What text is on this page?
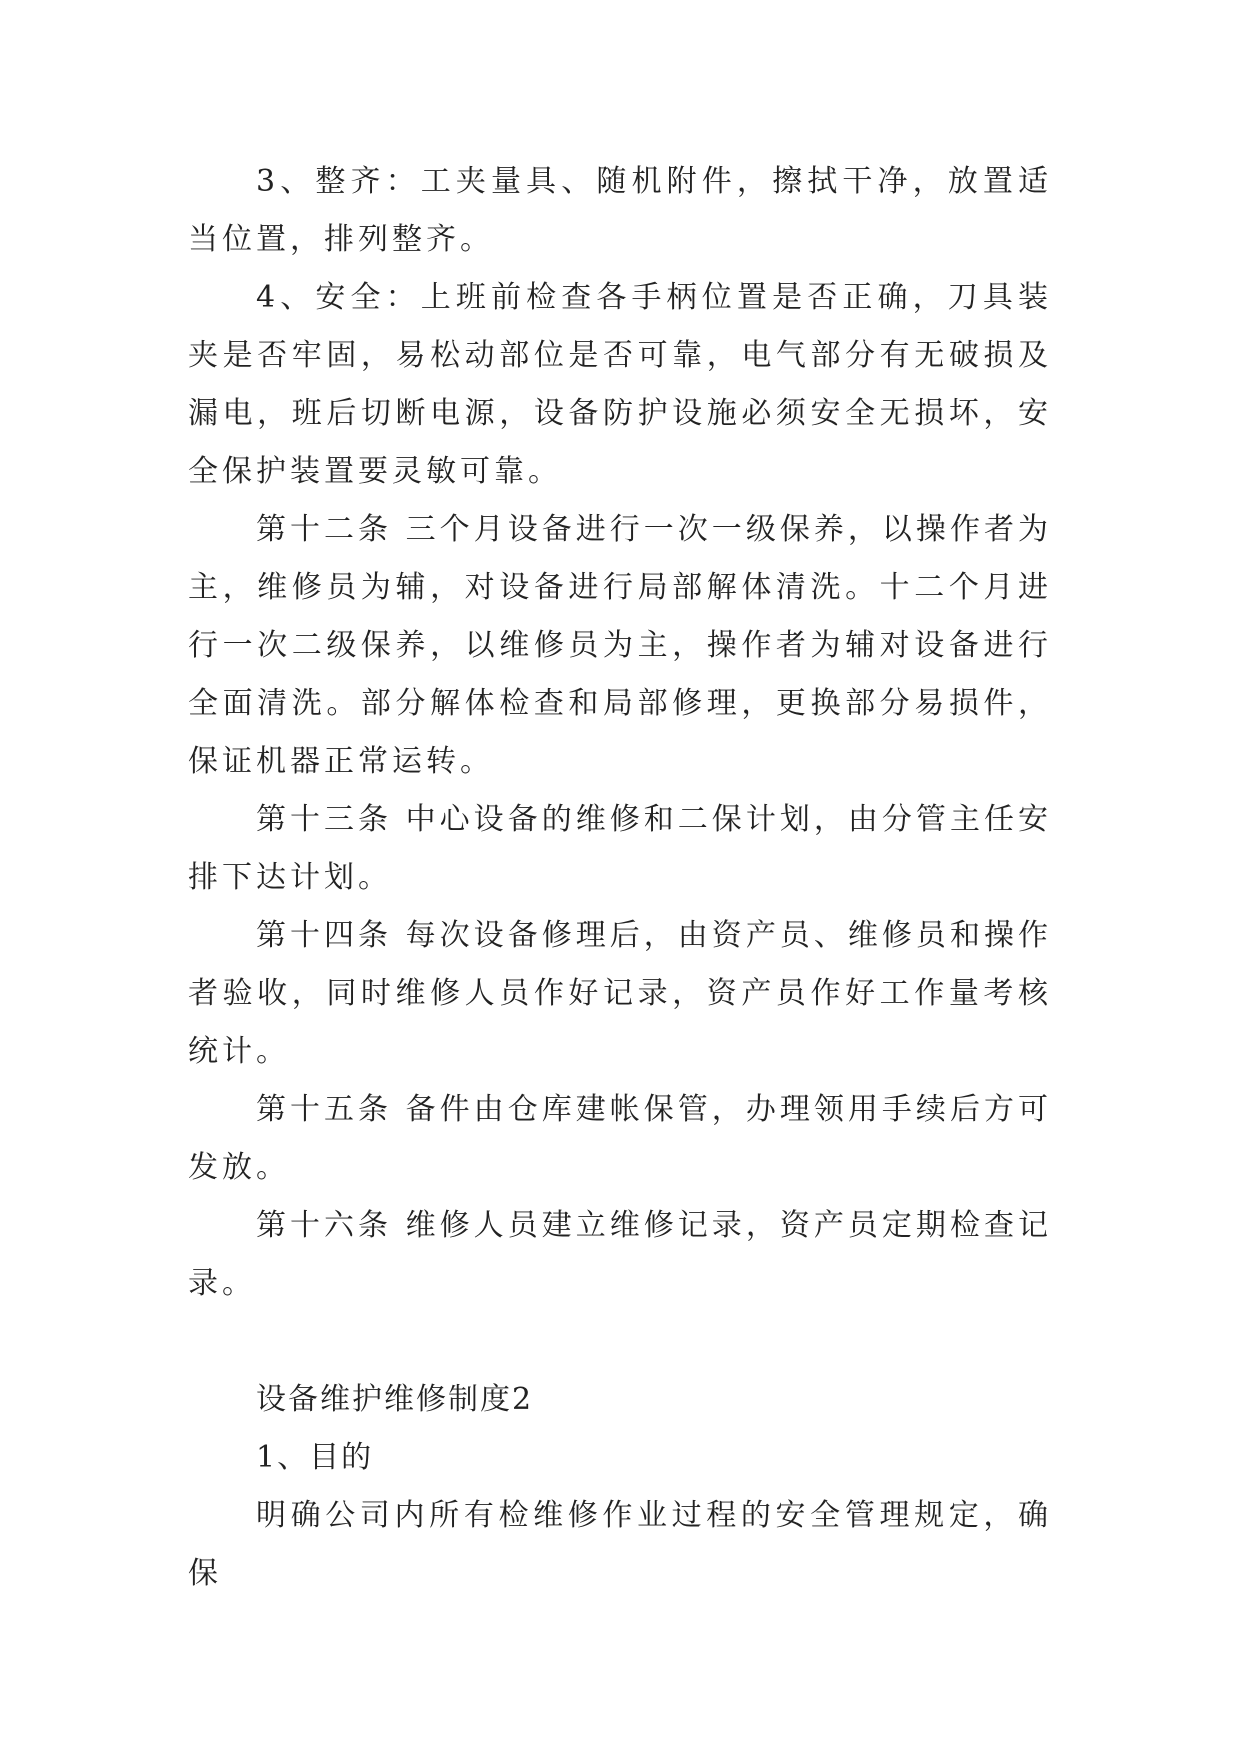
3、整齐：工夹量具、随机附件，擦拭干净，放置适当位置，排列整齐。

4、安全：上班前检查各手柄位置是否正确，刀具装夹是否牢固，易松动部位是否可靠，电气部分有无破损及漏电，班后切断电源，设备防护设施必须安全无损坏，安全保护装置要灵敏可靠。

第十二条 三个月设备进行一次一级保养，以操作者为主，维修员为辅，对设备进行局部解体清洗。十二个月进行一次二级保养，以维修员为主，操作者为辅对设备进行全面清洗。部分解体检查和局部修理，更换部分易损件，保证机器正常运转。

第十三条 中心设备的维修和二保计划，由分管主任安排下达计划。

第十四条 每次设备修理后，由资产员、维修员和操作者验收，同时维修人员作好记录，资产员作好工作量考核统计。

第十五条 备件由仓库建帐保管，办理领用手续后方可发放。

第十六条 维修人员建立维修记录，资产员定期检查记录。

设备维护维修制度2

1、目的

明确公司内所有检维修作业过程的安全管理规定，确保
